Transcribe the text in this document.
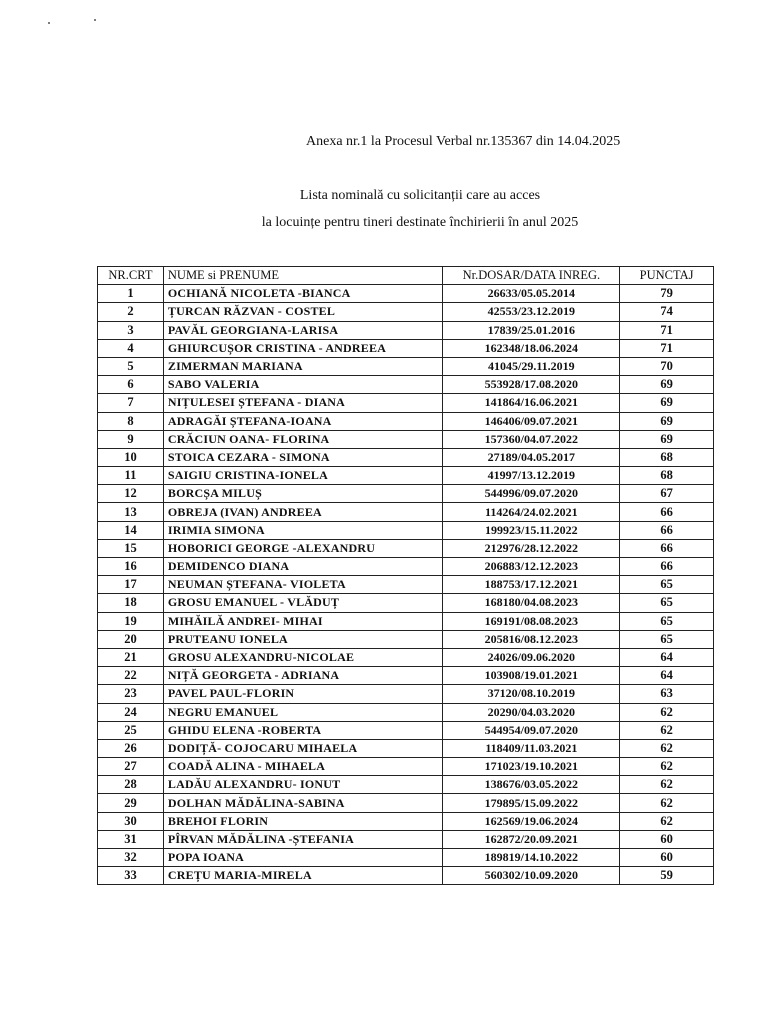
Anexa nr.1 la Procesul Verbal nr.135367 din 14.04.2025
Lista nominală cu solicitanții care au acces
la locuințe pentru tineri destinate închirierii în anul 2025
NR.CRT	NUME si PRENUME	Nr.DOSAR/DATA INREG.	PUNCTAJ
1	OCHIANĂ NICOLETA -BIANCA	26633/05.05.2014	79
2	ȚURCAN RĂZVAN - COSTEL	42553/23.12.2019	74
3	PAVĂL GEORGIANA-LARISA	17839/25.01.2016	71
4	GHIURCUȘOR CRISTINA - ANDREEA	162348/18.06.2024	71
5	ZIMERMAN MARIANA	41045/29.11.2019	70
6	SABO VALERIA	553928/17.08.2020	69
7	NIȚULESEI ȘTEFANA - DIANA	141864/16.06.2021	69
8	ADRAGĂI ȘTEFANA-IOANA	146406/09.07.2021	69
9	CRĂCIUN OANA- FLORINA	157360/04.07.2022	69
10	STOICA CEZARA - SIMONA	27189/04.05.2017	68
11	SAIGIU CRISTINA-IONELA	41997/13.12.2019	68
12	BORCȘA MILUȘ	544996/09.07.2020	67
13	OBREJA (IVAN) ANDREEA	114264/24.02.2021	66
14	IRIMIA SIMONA	199923/15.11.2022	66
15	HOBORICI GEORGE -ALEXANDRU	212976/28.12.2022	66
16	DEMIDENCO DIANA	206883/12.12.2023	66
17	NEUMAN ȘTEFANA- VIOLETA	188753/17.12.2021	65
18	GROSU EMANUEL - VLĂDUȚ	168180/04.08.2023	65
19	MIHĂILĂ ANDREI- MIHAI	169191/08.08.2023	65
20	PRUTEANU IONELA	205816/08.12.2023	65
21	GROSU ALEXANDRU-NICOLAE	24026/09.06.2020	64
22	NIȚĂ GEORGETA - ADRIANA	103908/19.01.2021	64
23	PAVEL PAUL-FLORIN	37120/08.10.2019	63
24	NEGRU EMANUEL	20290/04.03.2020	62
25	GHIDU ELENA -ROBERTA	544954/09.07.2020	62
26	DODIȚĂ- COJOCARU MIHAELA	118409/11.03.2021	62
27	COADĂ ALINA - MIHAELA	171023/19.10.2021	62
28	LADĂU ALEXANDRU- IONUT	138676/03.05.2022	62
29	DOLHAN MĂDĂLINA-SABINA	179895/15.09.2022	62
30	BREHOI FLORIN	162569/19.06.2024	62
31	PÎRVAN MĂDĂLINA -ȘTEFANIA	162872/20.09.2021	60
32	POPA IOANA	189819/14.10.2022	60
33	CREȚU MARIA-MIRELA	560302/10.09.2020	59
